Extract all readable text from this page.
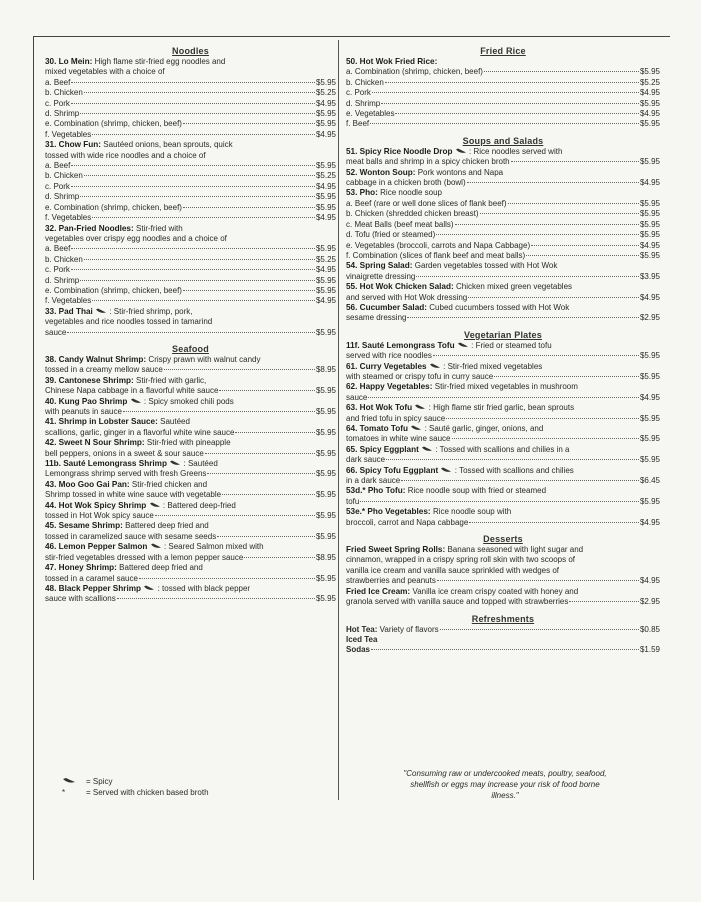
Noodles
30. Lo Mein: High flame stir-fried egg noodles and
mixed vegetables with a choice of
a. Beef	$5.95
b. Chicken	$5.25
c. Pork	$4.95
d. Shrimp	$5.95
e. Combination (shrimp, chicken, beef)	$5.95
f. Vegetables	$4.95
31. Chow Fun: Sautéed onions, bean sprouts, quick
tossed with wide rice noodles and a choice of
a. Beef	$5.95
b. Chicken	$5.25
c. Pork	$4.95
d. Shrimp	$5.95
e. Combination (shrimp, chicken, beef)	$5.95
f. Vegetables	$4.95
32. Pan-Fried Noodles: Stir-fried with
vegetables over crispy egg noodles and a choice of
a. Beef	$5.95
b. Chicken	$5.25
c. Pork	$4.95
d. Shrimp	$5.95
e. Combination (shrimp, chicken, beef)	$5.95
f. Vegetables	$4.95
33. Pad Thai : Stir-fried shrimp, pork,
vegetables and rice noodles tossed in tamarind
sauce	$5.95
Seafood
38. Candy Walnut Shrimp: Crispy prawn with walnut candy
tossed in a creamy mellow sauce	$8.95
39. Cantonese Shrimp: Stir-fried with garlic,
Chinese Napa cabbage in a flavorful white sauce	$5.95
40. Kung Pao Shrimp : Spicy smoked chili pods
with peanuts in sauce	$5.95
41. Shrimp in Lobster Sauce: Sautéed
scallions, garlic, ginger in a flavorful white wine sauce	$5.95
42. Sweet N Sour Shrimp: Stir-fried with pineapple
bell peppers, onions in a sweet & sour sauce	$5.95
11b. Sauté Lemongrass Shrimp : Sautéed
Lemongrass shrimp served with fresh Greens	$5.95
43. Moo Goo Gai Pan: Stir-fried chicken and
Shrimp tossed in white wine sauce with vegetable	$5.95
44. Hot Wok Spicy Shrimp : Battered deep-fried
tossed in Hot Wok spicy sauce	$5.95
45. Sesame Shrimp: Battered deep fried and
tossed in caramelized sauce with sesame seeds	$5.95
46. Lemon Pepper Salmon : Seared Salmon mixed with
stir-fried vegetables dressed with a lemon pepper sauce	$8.95
47. Honey Shrimp: Battered deep fried and
tossed in a caramel sauce	$5.95
48. Black Pepper Shrimp : tossed with black pepper
sauce with scallions	$5.95
Fried Rice
50. Hot Wok Fried Rice:
a. Combination (shrimp, chicken, beef)	$5.95
b. Chicken	$5.25
c. Pork	$4.95
d. Shrimp	$5.95
e. Vegetables	$4.95
f. Beef	$5.95
Soups and Salads
51. Spicy Rice Noodle Drop : Rice noodles served with
meat balls and shrimp in a spicy chicken broth	$5.95
52. Wonton Soup: Pork wontons and Napa
cabbage in a chicken broth (bowl)	$4.95
53. Pho: Rice noodle soup
a. Beef (rare or well done slices of flank beef)	$5.95
b. Chicken (shredded chicken breast)	$5.95
c. Meat Balls (beef meat balls)	$5.95
d. Tofu (fried or steamed)	$5.95
e. Vegetables (broccoli, carrots and Napa Cabbage)	$4.95
f. Combination (slices of flank beef and meat balls)	$5.95
54. Spring Salad: Garden vegetables tossed with Hot Wok
vinaigrette dressing	$3.95
55. Hot Wok Chicken Salad: Chicken mixed green vegetables
and served with Hot Wok dressing	$4.95
56. Cucumber Salad: Cubed cucumbers tossed with Hot Wok
sesame dressing	$2.95
Vegetarian Plates
11f. Sauté Lemongrass Tofu : Fried or steamed tofu
served with rice noodles	$5.95
61. Curry Vegetables : Stir-fried mixed vegetables
with steamed or crispy tofu in curry sauce	$5.95
62. Happy Vegetables: Stir-fried mixed vegetables in mushroom
sauce	$4.95
63. Hot Wok Tofu : High flame stir fried garlic, bean sprouts
and fried tofu in spicy sauce	$5.95
64. Tomato Tofu : Sauté garlic, ginger, onions, and
tomatoes in white wine sauce	$5.95
65. Spicy Eggplant : Tossed with scallions and chilies in a
dark sauce	$5.95
66. Spicy Tofu Eggplant : Tossed with scallions and chilies
in a dark sauce	$6.45
53d.* Pho Tofu: Rice noodle soup with fried or steamed
tofu	$5.95
53e.* Pho Vegetables: Rice noodle soup with
broccoli, carrot and Napa cabbage	$4.95
Desserts
Fried Sweet Spring Rolls: Banana seasoned with light sugar and
cinnamon, wrapped in a crispy spring roll skin with two scoops of
vanilla ice cream and vanilla sauce sprinkled with wedges of
strawberries and peanuts	$4.95
Fried Ice Cream: Vanilla ice cream crispy coated with honey and
granola served with vanilla sauce and topped with strawberries	$2.95
Refreshments
Hot Tea: Variety of flavors	$0.85
Iced Tea
Sodas	$1.59
= Spicy
*	= Served with chicken based broth
"Consuming raw or undercooked meats, poultry, seafood, shellfish or eggs may increase your risk of food borne illness."
